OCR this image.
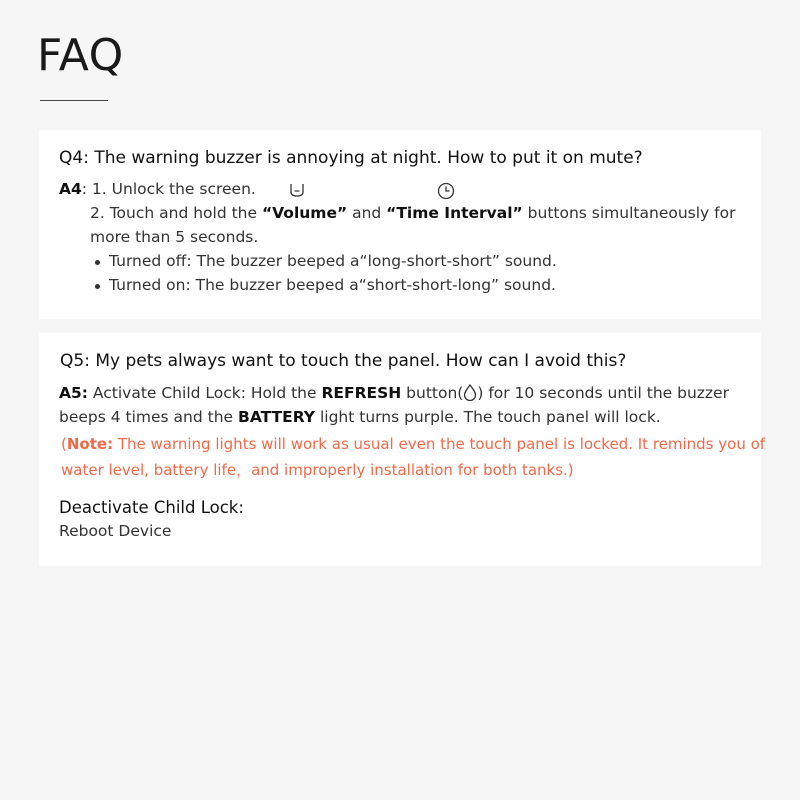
FAQ
Q4: The warning buzzer is annoying at night. How to put it on mute?
A4: 1. Unlock the screen.
2. Touch and hold the “Volume” and “Time Interval” buttons simultaneously for
more than 5 seconds.
Turned off: The buzzer beeped a“long-short-short” sound.
Turned on: The buzzer beeped a“short-short-long” sound.
Q5: My pets always want to touch the panel. How can I avoid this?
A5: Activate Child Lock: Hold the REFRESH button( ) for 10 seconds until the buzzer
beeps 4 times and the BATTERY light turns purple. The touch panel will lock.
(Note: The warning lights will work as usual even the touch panel is locked. It reminds you of
water level, battery life，and improperly installation for both tanks.)
Deactivate Child Lock:
Reboot Device
